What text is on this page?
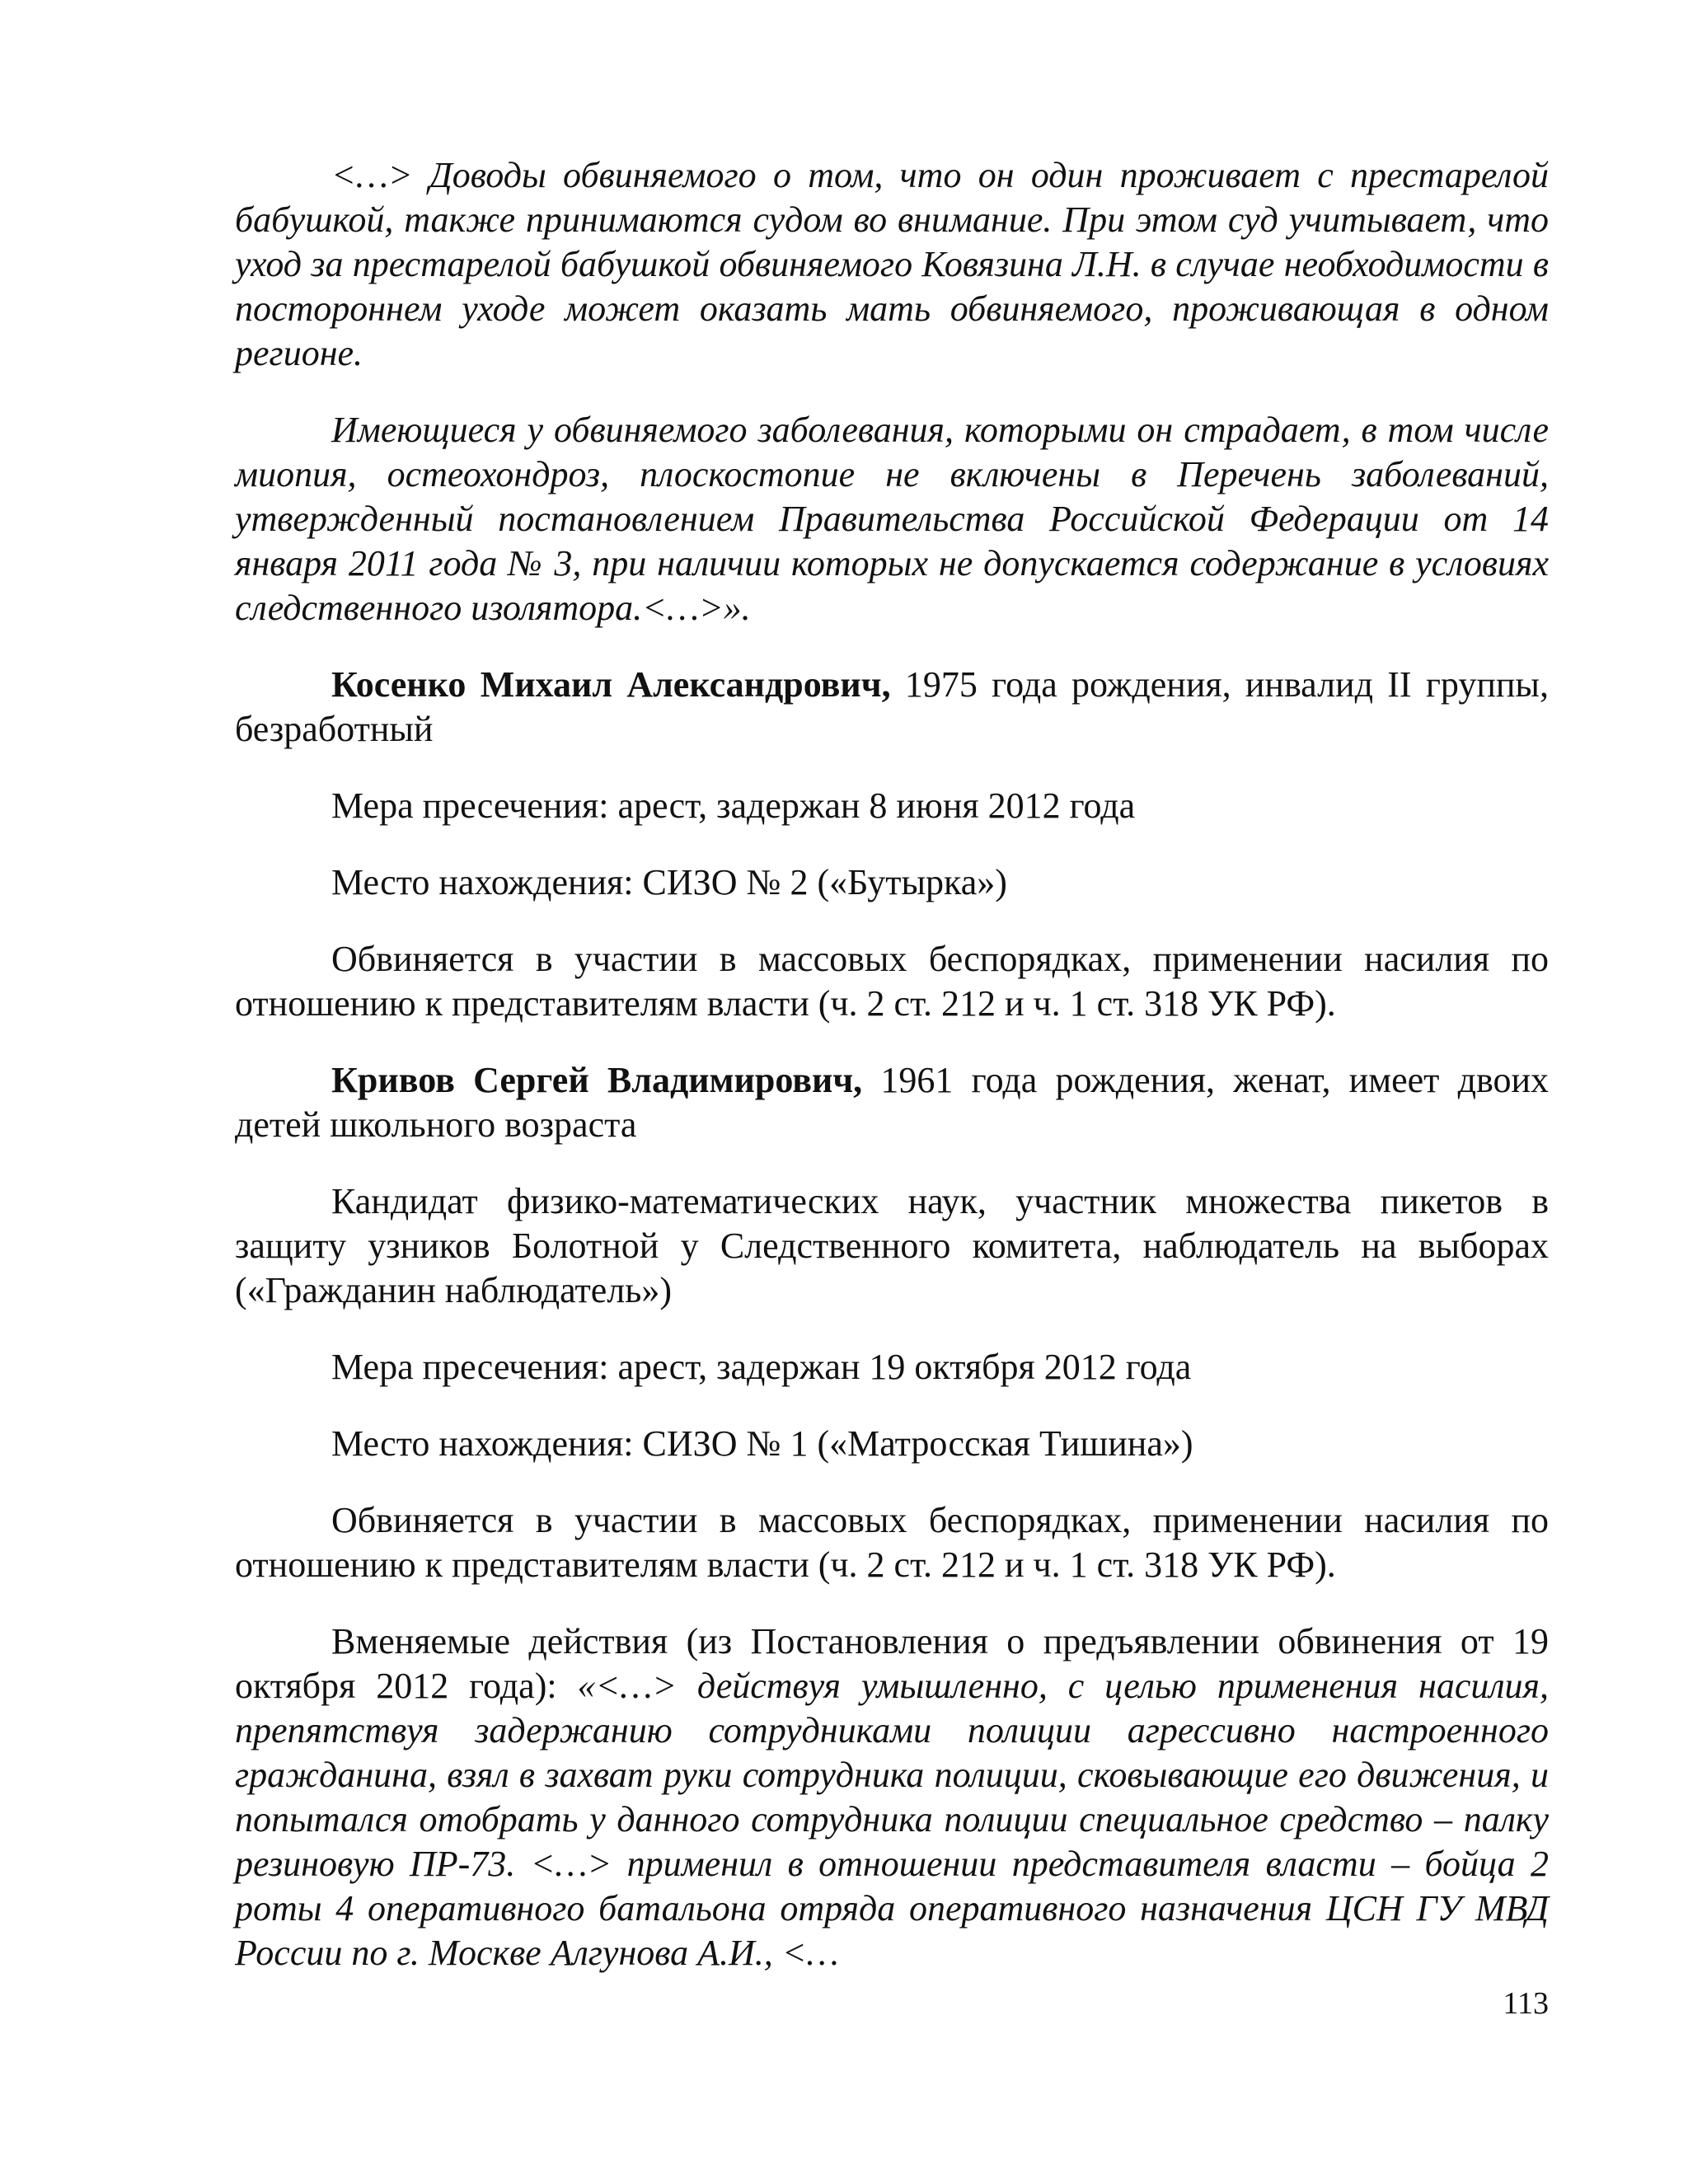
<…> Доводы обвиняемого о том, что он один проживает с престарелой бабушкой, также принимаются судом во внимание. При этом суд учитывает, что уход за престарелой бабушкой обвиняемого Ковязина Л.Н. в случае необходимости в постороннем уходе может оказать мать обвиняемого, проживающая в одном регионе.

Имеющиеся у обвиняемого заболевания, которыми он страдает, в том числе миопия, остеохондроз, плоскостопие не включены в Перечень заболеваний, утвержденный постановлением Правительства Российской Федерации от 14 января 2011 года № 3, при наличии которых не допускается содержание в условиях следственного изолятора.<…>».

Косенко Михаил Александрович, 1975 года рождения, инвалид II группы, безработный

Мера пресечения: арест, задержан 8 июня 2012 года

Место нахождения: СИЗО № 2 («Бутырка»)

Обвиняется в участии в массовых беспорядках, применении насилия по отношению к представителям власти (ч. 2 ст. 212 и ч. 1 ст. 318 УК РФ).

Кривов Сергей Владимирович, 1961 года рождения, женат, имеет двоих детей школьного возраста

Кандидат физико-математических наук, участник множества пикетов в защиту узников Болотной у Следственного комитета, наблюдатель на выборах («Гражданин наблюдатель»)

Мера пресечения: арест, задержан 19 октября 2012 года

Место нахождения: СИЗО № 1 («Матросская Тишина»)

Обвиняется в участии в массовых беспорядках, применении насилия по отношению к представителям власти (ч. 2 ст. 212 и ч. 1 ст. 318 УК РФ).

Вменяемые действия (из Постановления о предъявлении обвинения от 19 октября 2012 года): «<…> действуя умышленно, с целью применения насилия, препятствуя задержанию сотрудниками полиции агрессивно настроенного гражданина, взял в захват руки сотрудника полиции, сковывающие его движения, и попытался отобрать у данного сотрудника полиции специальное средство – палку резиновую ПР-73. <…> применил в отношении представителя власти – бойца 2 роты 4 оперативного батальона отряда оперативного назначения ЦСН ГУ МВД России по г. Москве Алгунова А.И., <…

113
